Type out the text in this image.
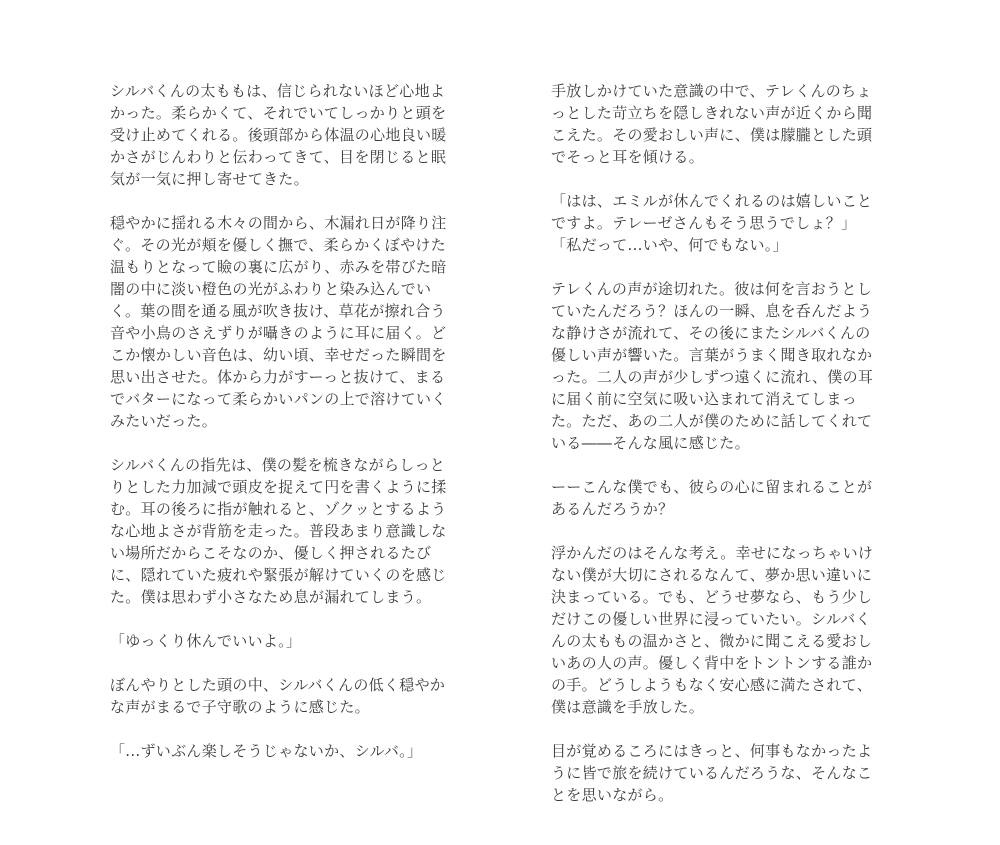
シルバくんの太ももは、信じられないほど心地よかった。柔らかくて、それでいてしっかりと頭を受け止めてくれる。後頭部から体温の心地良い暖かさがじんわりと伝わってきて、目を閉じると眠気が一気に押し寄せてきた。

穏やかに揺れる木々の間から、木漏れ日が降り注ぐ。その光が頬を優しく撫で、柔らかくぼやけた温もりとなって瞼の裏に広がり、赤みを帯びた暗闇の中に淡い橙色の光がふわりと染み込んでいく。葉の間を通る風が吹き抜け、草花が擦れ合う音や小鳥のさえずりが囁きのように耳に届く。どこか懐かしい音色は、幼い頃、幸せだった瞬間を思い出させた。体から力がすーっと抜けて、まるでバターになって柔らかいパンの上で溶けていくみたいだった。

シルバくんの指先は、僕の髪を梳きながらしっとりとした力加減で頭皮を捉えて円を書くように揉む。耳の後ろに指が触れると、ゾクッとするような心地よさが背筋を走った。普段あまり意識しない場所だからこそなのか、優しく押されるたびに、隠れていた疲れや緊張が解けていくのを感じた。僕は思わず小さなため息が漏れてしまう。

「ゆっくり休んでいいよ。」

ぼんやりとした頭の中、シルバくんの低く穏やかな声がまるで子守歌のように感じた。

「...ずいぶん楽しそうじゃないか、シルバ。」

手放しかけていた意識の中で、テレくんのちょっとした苛立ちを隠しきれない声が近くから聞こえた。その愛おしい声に、僕は朦朧とした頭でそっと耳を傾ける。

「はは、エミルが休んでくれるのは嬉しいことですよ。テレーゼさんもそう思うでしょ？」

「私だって...いや、何でもない。」

テレくんの声が途切れた。彼は何を言おうとしていたんだろう？ほんの一瞬、息を呑んだような静けさが流れて、その後にまたシルバくんの優しい声が響いた。言葉がうまく聞き取れなかった。二人の声が少しずつ遠くに流れ、僕の耳に届く前に空気に吸い込まれて消えてしまった。ただ、あの二人が僕のために話してくれている――そんな風に感じた。

ーーこんな僕でも、彼らの心に留まれることがあるんだろうか？

浮かんだのはそんな考え。幸せになっちゃいけない僕が大切にされるなんて、夢か思い違いに決まっている。でも、どうせ夢なら、もう少しだけこの優しい世界に浸っていたい。シルバくんの太ももの温かさと、微かに聞こえる愛おしいあの人の声。優しく背中をトントンする誰かの手。どうしようもなく安心感に満たされて、僕は意識を手放した。

目が覚めるころにはきっと、何事もなかったように皆で旅を続けているんだろうな、そんなことを思いながら。
